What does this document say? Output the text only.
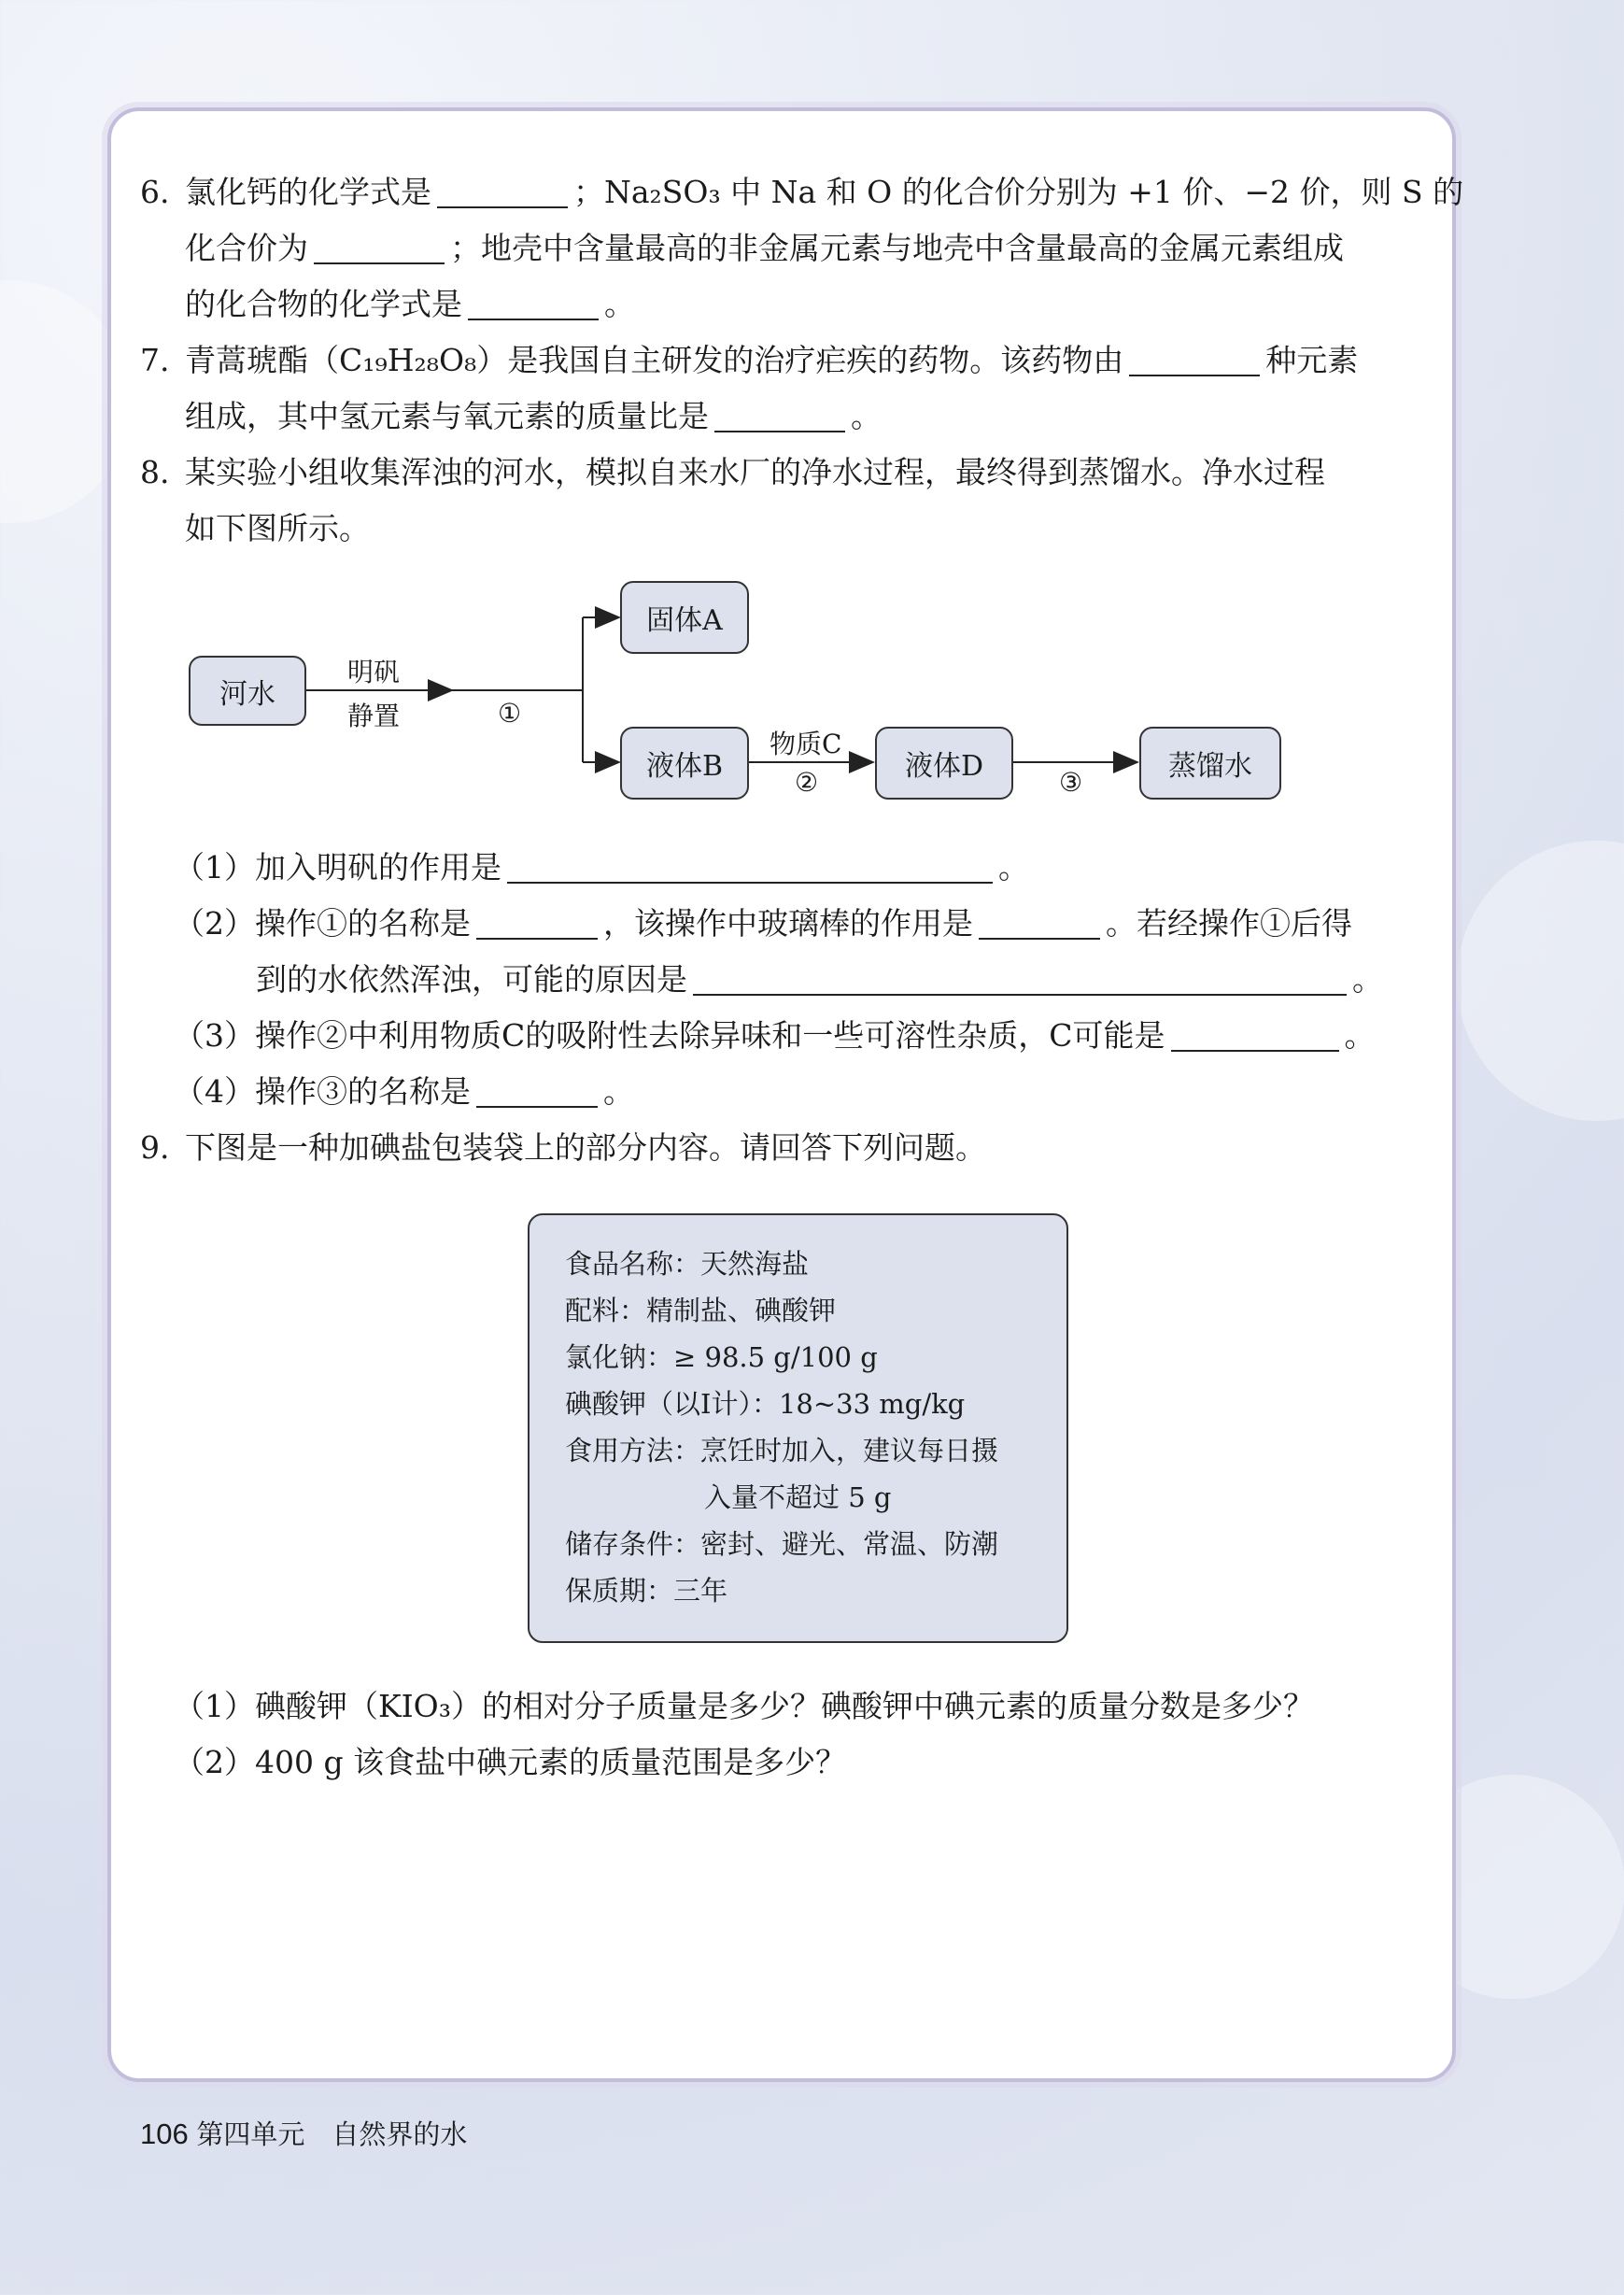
6. 氯化钙的化学式是	；Na₂SO₃ 中 Na 和 O 的化合价分别为 +1 价、−2 价，则 S 的
化合价为	；地壳中含量最高的非金属元素与地壳中含量最高的金属元素组成
的化合物的化学式是	。
7. 青蒿琥酯（C₁₉H₂₈O₈）是我国自主研发的治疗疟疾的药物。该药物由	种元素
组成，其中氢元素与氧元素的质量比是	。
8. 某实验小组收集浑浊的河水，模拟自来水厂的净水过程，最终得到蒸馏水。净水过程
如下图所示。
河水
明矾
静置	①
固体A
液体B
物质C
②	液体D	③	蒸馏水
（1）加入明矾的作用是	。
（2）操作①的名称是	，该操作中玻璃棒的作用是	。若经操作①后得
到的水依然浑浊，可能的原因是	。
（3）操作②中利用物质C的吸附性去除异味和一些可溶性杂质，C可能是	。
（4）操作③的名称是	。
9. 下图是一种加碘盐包装袋上的部分内容。请回答下列问题。
食品名称：天然海盐
配料：精制盐、碘酸钾
氯化钠：≥ 98.5 g/100 g
碘酸钾（以I计）：18~33 mg/kg
食用方法：烹饪时加入，建议每日摄
入量不超过 5 g
储存条件：密封、避光、常温、防潮
保质期：三年
（1）碘酸钾（KIO₃）的相对分子质量是多少？碘酸钾中碘元素的质量分数是多少？
（2）400 g 该食盐中碘元素的质量范围是多少？
106 第四单元　自然界的水
